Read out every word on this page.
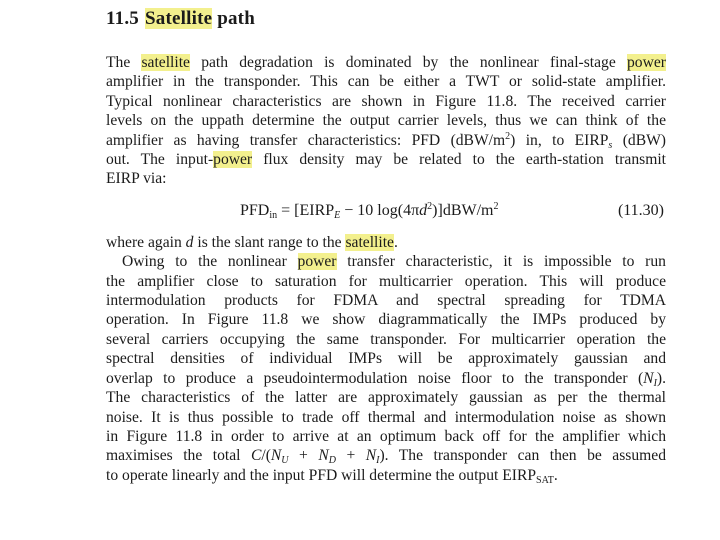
11.5 Satellite path
The satellite path degradation is dominated by the nonlinear final-stage power
amplifier in the transponder. This can be either a TWT or solid-state amplifier.
Typical nonlinear characteristics are shown in Figure 11.8. The received carrier
levels on the uppath determine the output carrier levels, thus we can think of the
amplifier as having transfer characteristics: PFD $(dBW/m^2)$ in, to $EIRP_s$ (dBW)
out. The input-power flux density may be related to the earth-station transmit
EIRP via:
$PFD_{in}$ = [$EIRP_E - 10$ $\log(4\pi d^2)]dBW/m^2$	(11.30)
where again d is the slant range to the satellite.
Owing to the nonlinear power transfer characteristic, it is impossible to run
the amplifier close to saturation for multicarrier operation. This will produce
intermodulation products for FDMA and spectral spreading for TDMA
operation. In Figure 11.8 we show diagrammatically the IMPs produced by
several carriers occupying the same transponder. For multicarrier operation the
spectral densities of individual IMPs will be approximately gaussian and
overlap to produce a pseudointermodulation noise floor to the transponder $(N_I)$.
The characteristics of the latter are approximately gaussian as per the thermal
noise. It is thus possible to trade off thermal and intermodulation noise as shown
in Figure 11.8 in order to arrive at an optimum back off for the amplifier which
maximises the total $C/(N_U + N_D + N_I)$. The transponder can then be assumed
to operate linearly and the input PFD will determine the output $EIRP_{SAT}$.
